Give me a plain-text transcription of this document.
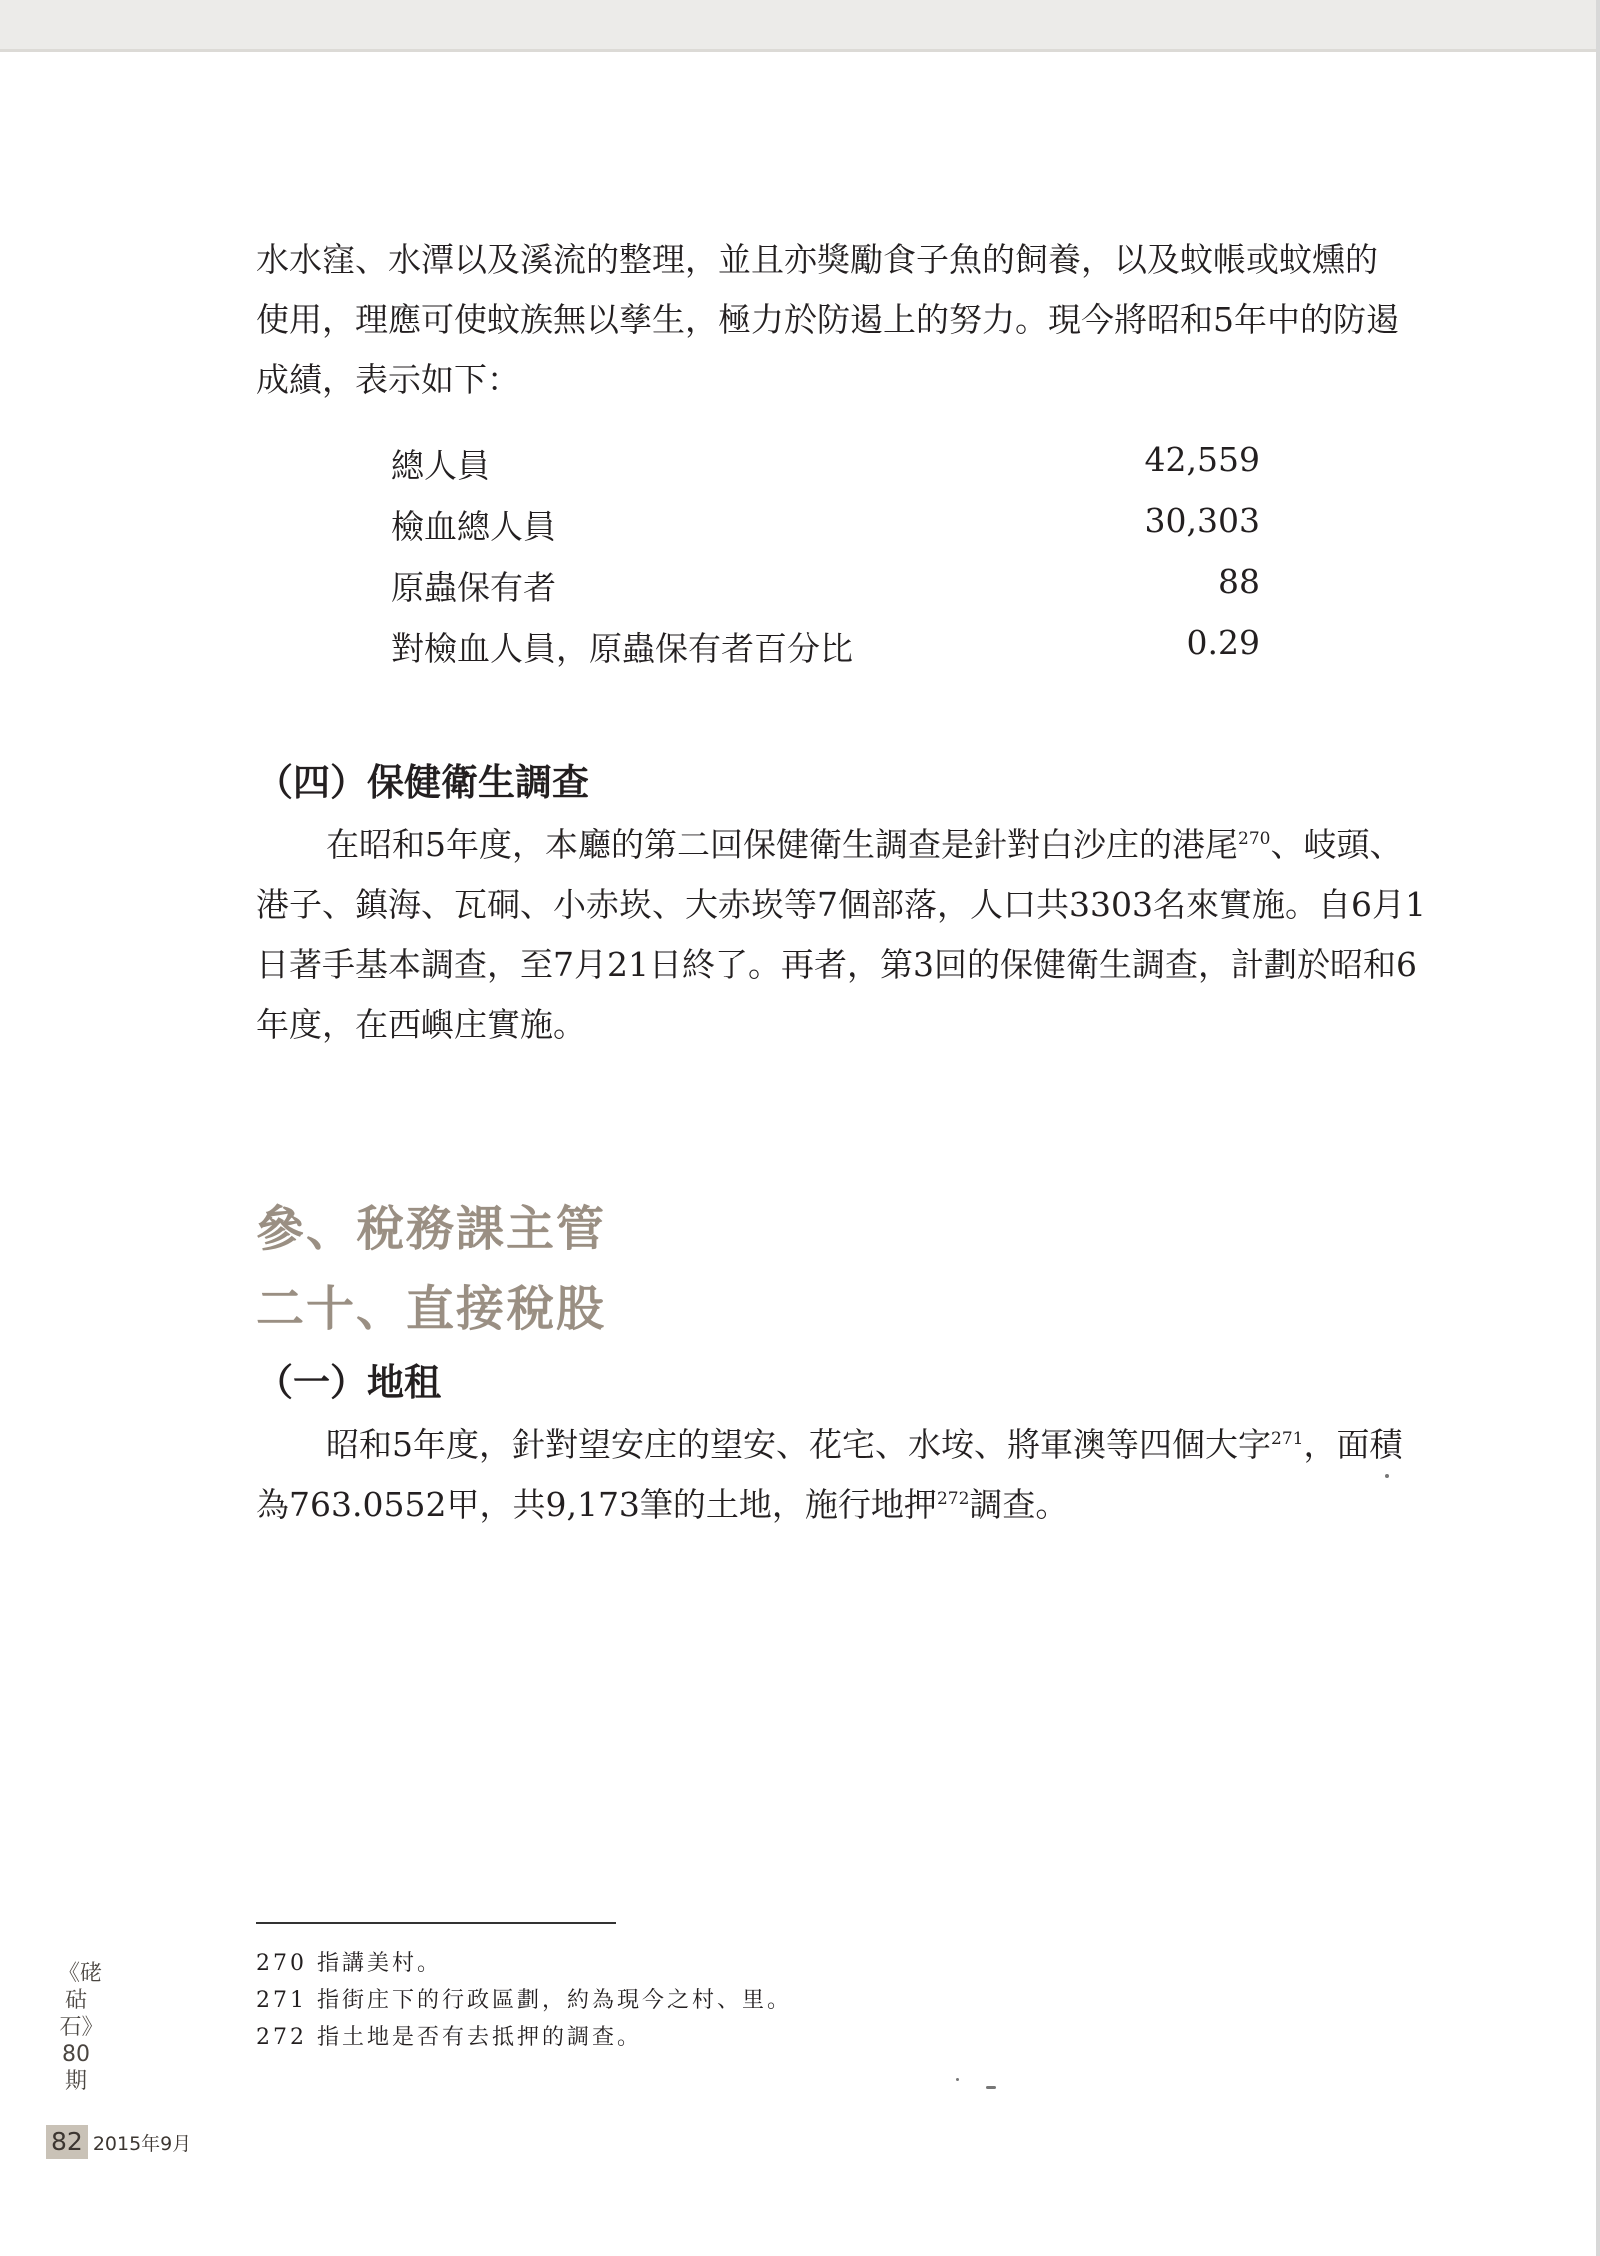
水水窪、水潭以及溪流的整理，並且亦獎勵食子魚的飼養，以及蚊帳或蚊燻的
使用，理應可使蚊族無以孳生，極力於防遏上的努力。現今將昭和5年中的防遏
成績，表示如下：
總人員	42,559
檢血總人員	30,303
原蟲保有者	88
對檢血人員，原蟲保有者百分比	0.29
（四）保健衛生調查
在昭和5年度，本廳的第二回保健衛生調查是針對白沙庄的港尾$^{270}$、岐頭、
港子、鎮海、瓦硐、小赤崁、大赤崁等7個部落，人口共3303名來實施。自6月1
日著手基本調查，至7月21日終了。再者，第3回的保健衛生調查，計劃於昭和6
年度，在西嶼庄實施。
參、稅務課主管
二十、直接稅股
（一）地租
昭和5年度，針對望安庄的望安、花宅、水垵、將軍澳等四個大字$^{271}$，面積
為763.0552甲，共9,173筆的土地，施行地押$^{272}$調查。
270 指講美村。
271 指街庄下的行政區劃，約為現今之村、里。
272 指土地是否有去抵押的調查。
《硓𥑮石》80期
82 2015年9月
